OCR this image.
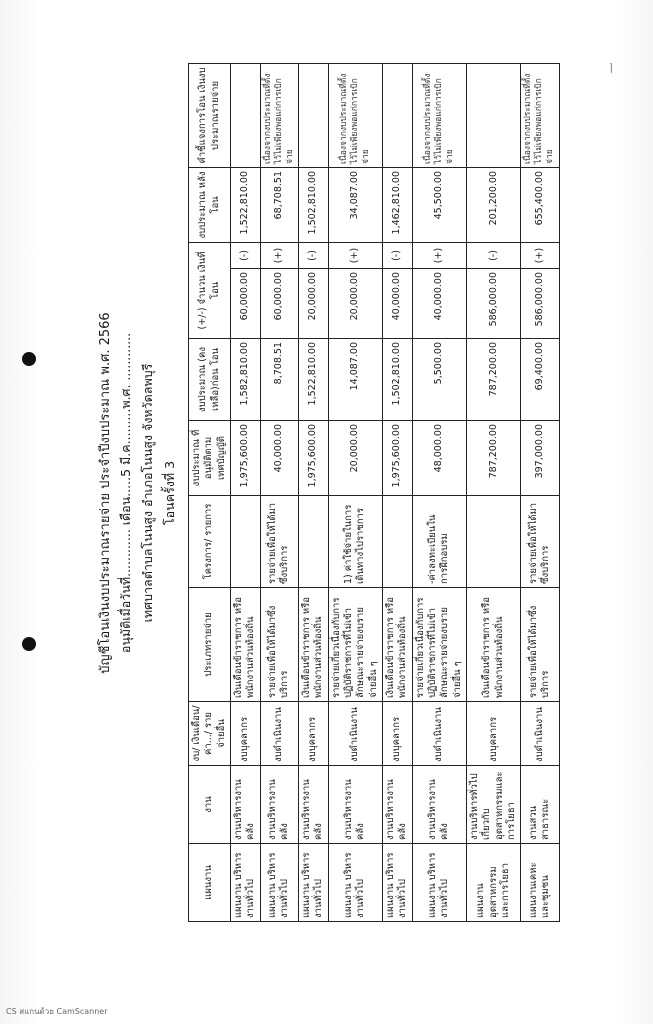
ㅣ
บัญชีโอนเงินงบประมาณรายจ่าย ประจำปีงบประมาณ พ.ศ. 2566 อนุมัติเมื่อวันที่............ เดือน.....5 มี.ค.........พ.ศ. ............ เทศบาลตำบลโนนสูง อำเภอโนนสูง จังหวัดลพบุรี โอนครั้งที่ 3
แผนงาน	งาน	งบ/ เงินเดือน/ ค่า.../ รายจ่ายอื่น	ประเภทรายจ่าย	โครงการ/ รายการ	งบประมาณ ที่อนุมัติตาม เทศบัญญัติ	งบประมาณ (คงเหลือ)ก่อน โอน	(+/-) จำนวน เงินที่โอน		งบประมาณ หลังโอน	คำชี้แจงการโอน เงินงบประมาณรายจ่าย
แผนงาน บริหารงานทั่วไป	งานบริหารงานคลัง	งบบุคลากร	เงินเดือนข้าราชการ หรือพนักงานส่วนท้องถิ่น		1,975,600.00	1,582,810.00	60,000.00	(-)	1,522,810.00	
แผนงาน บริหารงานทั่วไป	งานบริหารงานคลัง	งบดำเนินงาน	รายจ่ายเพื่อให้ได้มาซึ่งบริการ	รายจ่ายเพื่อให้ได้มาซึ่งบริการ	40,000.00	8,708.51	60,000.00	(+)	68,708.51	เนื่องจากงบประมาณที่ตั้งไว้ไม่เพียงพอแก่การเบิกจ่าย
แผนงาน บริหารงานทั่วไป	งานบริหารงานคลัง	งบบุคลากร	เงินเดือนข้าราชการ หรือพนักงานส่วนท้องถิ่น		1,975,600.00	1,522,810.00	20,000.00	(-)	1,502,810.00	
แผนงาน บริหารงานทั่วไป	งานบริหารงานคลัง	งบดำเนินงาน	รายจ่ายเกี่ยวเนื่องกับการปฏิบัติราชการที่ไม่เข้าลักษณะรายจ่ายงบรายจ่ายอื่น ๆ	1) ค่าใช้จ่ายในการเดินทางไปราชการ	20,000.00	14,087.00	20,000.00	(+)	34,087.00	เนื่องจากงบประมาณที่ตั้งไว้ไม่เพียงพอแก่การเบิกจ่าย
แผนงาน บริหารงานทั่วไป	งานบริหารงานคลัง	งบบุคลากร	เงินเดือนข้าราชการ หรือพนักงานส่วนท้องถิ่น		1,975,600.00	1,502,810.00	40,000.00	(-)	1,462,810.00	
แผนงาน บริหารงานทั่วไป	งานบริหารงานคลัง	งบดำเนินงาน	รายจ่ายเกี่ยวเนื่องกับการปฏิบัติราชการที่ไม่เข้าลักษณะรายจ่ายงบรายจ่ายอื่น ๆ	-ค่าลงทะเบียนในการฝึกอบรม	48,000.00	5,500.00	40,000.00	(+)	45,500.00	เนื่องจากงบประมาณที่ตั้งไว้ไม่เพียงพอแก่การเบิกจ่าย
แผนงาน อุตสาหกรรม และการโยธา	งานบริหารทั่วไปเกี่ยวกับอุตสาหกรรมและการโยธา	งบบุคลากร	เงินเดือนข้าราชการ หรือพนักงานส่วนท้องถิ่น		787,200.00	787,200.00	586,000.00	(-)	201,200.00	
แผนงานเคหะและชุมชน	งานสวนสาธารณะ	งบดำเนินงาน	รายจ่ายเพื่อให้ได้มาซึ่งบริการ	รายจ่ายเพื่อให้ได้มาซึ่งบริการ	397,000.00	69,400.00	586,000.00	(+)	655,400.00	เนื่องจากงบประมาณที่ตั้งไว้ไม่เพียงพอแก่การเบิกจ่าย
CS สแกนด้วย CamScanner
